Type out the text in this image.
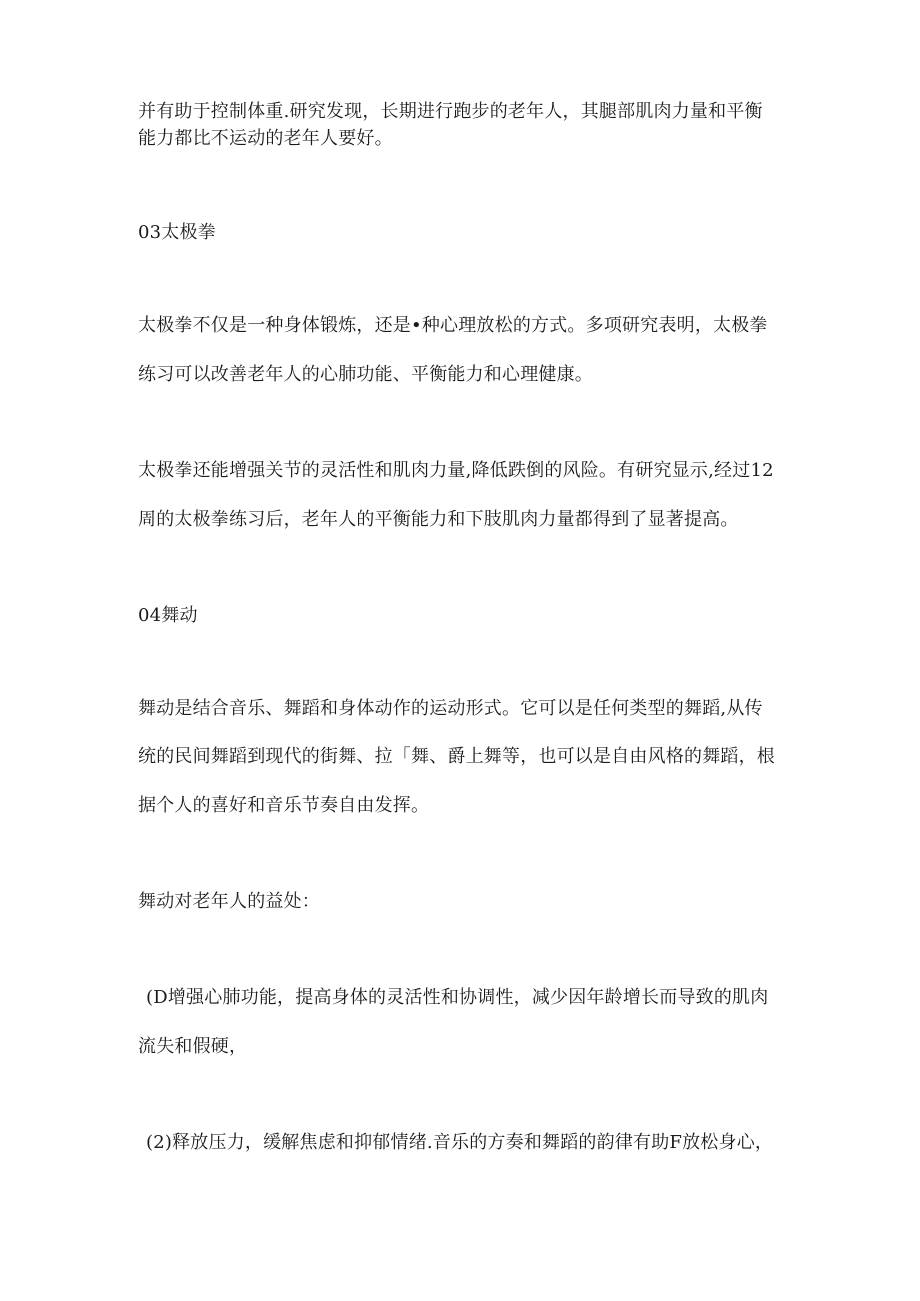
并有助于控制体重.研究发现，长期进行跑步的老年人，其腿部肌肉力量和平衡
能力都比不运动的老年人要好。
03太极拳
太极拳不仅是一种身体锻炼，还是•种心理放松的方式。多项研究表明，太极拳
练习可以改善老年人的心肺功能、平衡能力和心理健康。
太极拳还能增强关节的灵活性和肌肉力量,降低跌倒的风险。有研究显示,经过12
周的太极拳练习后，老年人的平衡能力和下肢肌肉力量都得到了显著提高。
04舞动
舞动是结合音乐、舞蹈和身体动作的运动形式。它可以是任何类型的舞蹈,从传
统的民间舞蹈到现代的街舞、拉「舞、爵上舞等，也可以是自由风格的舞蹈，根
据个人的喜好和音乐节奏自由发挥。
舞动对老年人的益处：
(D增强心肺功能，提高身体的灵活性和协调性，减少因年龄增长而导致的肌肉
流失和假硬，
(2)释放压力，缓解焦虑和抑郁情绪.音乐的方奏和舞蹈的韵律有助F放松身心，
